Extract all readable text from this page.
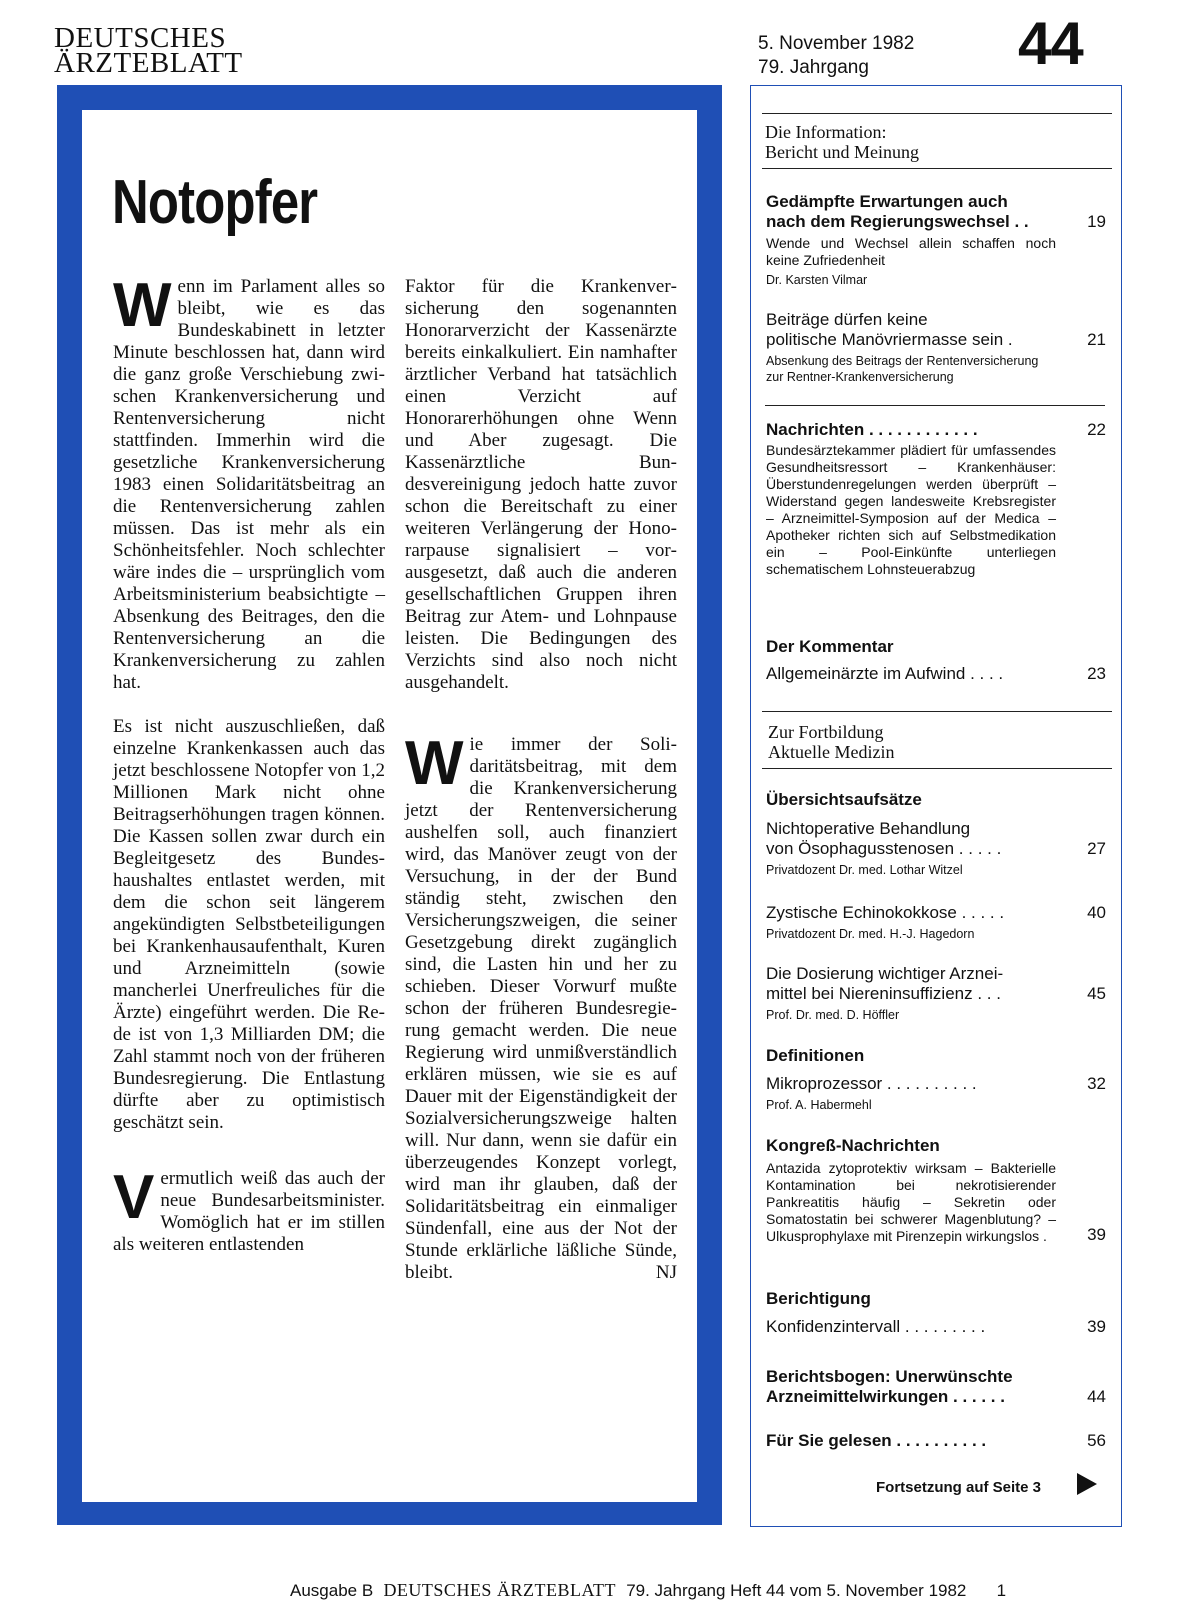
DEUTSCHES
ÄRZTEBLATT
5. November 1982
79. Jahrgang	44
Notopfer

Wenn im Parlament alles so bleibt, wie es das Bundeskabinett in letzter Minute beschlossen hat, dann wird die ganz große Verschiebung zwischen Krankenversicherung und Rentenversicherung nicht stattfinden. Immerhin wird die gesetzliche Krankenversicherung 1983 einen Solidaritätsbeitrag an die Rentenversicherung zahlen müssen. Das ist mehr als ein Schönheitsfehler. Noch schlechter wäre indes die – ursprünglich vom Arbeitsministerium beabsichtigte – Absenkung des Beitrages, den die Rentenversicherung an die Krankenversicherung zu zahlen hat.

Es ist nicht auszuschließen, daß einzelne Krankenkassen auch das jetzt beschlossene Notopfer von 1,2 Millionen Mark nicht ohne Beitragserhöhungen tragen können. Die Kassen sollen zwar durch ein Begleitgesetz des Bundeshaushaltes entlastet werden, mit dem die schon seit längerem angekündigten Selbstbeteiligungen bei Krankenhausaufenthalt, Kuren und Arzneimitteln (sowie mancherlei Unerfreuliches für die Ärzte) eingeführt werden. Die Rede ist von 1,3 Milliarden DM; die Zahl stammt noch von der früheren Bundesregierung. Die Entlastung dürfte aber zu optimistisch geschätzt sein.

Vermutlich weiß das auch der neue Bundesarbeitsminister. Womöglich hat er im stillen als weiteren entlastenden

Faktor für die Krankenversicherung den sogenannten Honorarverzicht der Kassenärzte bereits einkalkuliert. Ein namhafter ärztlicher Verband hat tatsächlich einen Verzicht auf Honorarerhöhungen ohne Wenn und Aber zugesagt. Die Kassenärztliche Bundesvereinigung jedoch hatte zuvor schon die Bereitschaft zu einer weiteren Verlängerung der Honorarpause signalisiert – vorausgesetzt, daß auch die anderen gesellschaftlichen Gruppen ihren Beitrag zur Atem- und Lohnpause leisten. Die Bedingungen des Verzichts sind also noch nicht ausgehandelt.

Wie immer der Solidaritätsbeitrag, mit dem die Krankenversicherung jetzt der Rentenversicherung aushelfen soll, auch finanziert wird, das Manöver zeugt von der Versuchung, in der der Bund ständig steht, zwischen den Versicherungszweigen, die seiner Gesetzgebung direkt zugänglich sind, die Lasten hin und her zu schieben. Dieser Vorwurf mußte schon der früheren Bundesregierung gemacht werden. Die neue Regierung wird unmißverständlich erklären müssen, wie sie es auf Dauer mit der Eigenständigkeit der Sozialversicherungszweige halten will. Nur dann, wenn sie dafür ein überzeugendes Konzept vorlegt, wird man ihr glauben, daß der Solidaritätsbeitrag ein einmaliger Sündenfall, eine aus der Not der Stunde erklärliche läßliche Sünde, bleibt.	NJ

Die Information:
Bericht und Meinung
Gedämpfte Erwartungen auch
nach dem Regierungswechsel . .	19
Wende und Wechsel allein schaffen noch keine Zufriedenheit
Dr. Karsten Vilmar
Beiträge dürfen keine
politische Manövriermasse sein .	21
Absenkung des Beitrags der Rentenversicherung zur Rentner-Krankenversicherung
Nachrichten . . . . . . . . . . . .	22
Bundesärztekammer plädiert für umfassendes Gesundheitsressort – Krankenhäuser: Überstundenregelungen werden überprüft – Widerstand gegen landesweite Krebsregister – Arzneimittel-Symposion auf der Medica – Apotheker richten sich auf Selbstmedikation ein – Pool-Einkünfte unterliegen schematischem Lohnsteuerabzug
Der Kommentar
Allgemeinärzte im Aufwind . . . .	23
Zur Fortbildung
Aktuelle Medizin
Übersichtsaufsätze
Nichtoperative Behandlung
von Ösophagusstenosen . . . . .	27
Privatdozent Dr. med. Lothar Witzel
Zystische Echinokokkose . . . . .	40
Privatdozent Dr. med. H.-J. Hagedorn
Die Dosierung wichtiger Arznei-
mittel bei Niereninsuffizienz . . .	45
Prof. Dr. med. D. Höffler
Definitionen
Mikroprozessor . . . . . . . . . .	32
Prof. A. Habermehl
Kongreß-Nachrichten
Antazida zytoprotektiv wirksam – Bakterielle Kontamination bei nekrotisierender Pankreatitis häufig – Sekretin oder Somatostatin bei schwerer Magenblutung? – Ulkusprophylaxe mit Pirenzepin wirkungslos .	39
Berichtigung
Konfidenzintervall . . . . . . . . .	39
Berichtsbogen: Unerwünschte
Arzneimittelwirkungen . . . . . .	44
Für Sie gelesen . . . . . . . . . .	56
Fortsetzung auf Seite 3
Ausgabe B DEUTSCHES ÄRZTEBLATT 79. Jahrgang Heft 44 vom 5. November 1982 1
